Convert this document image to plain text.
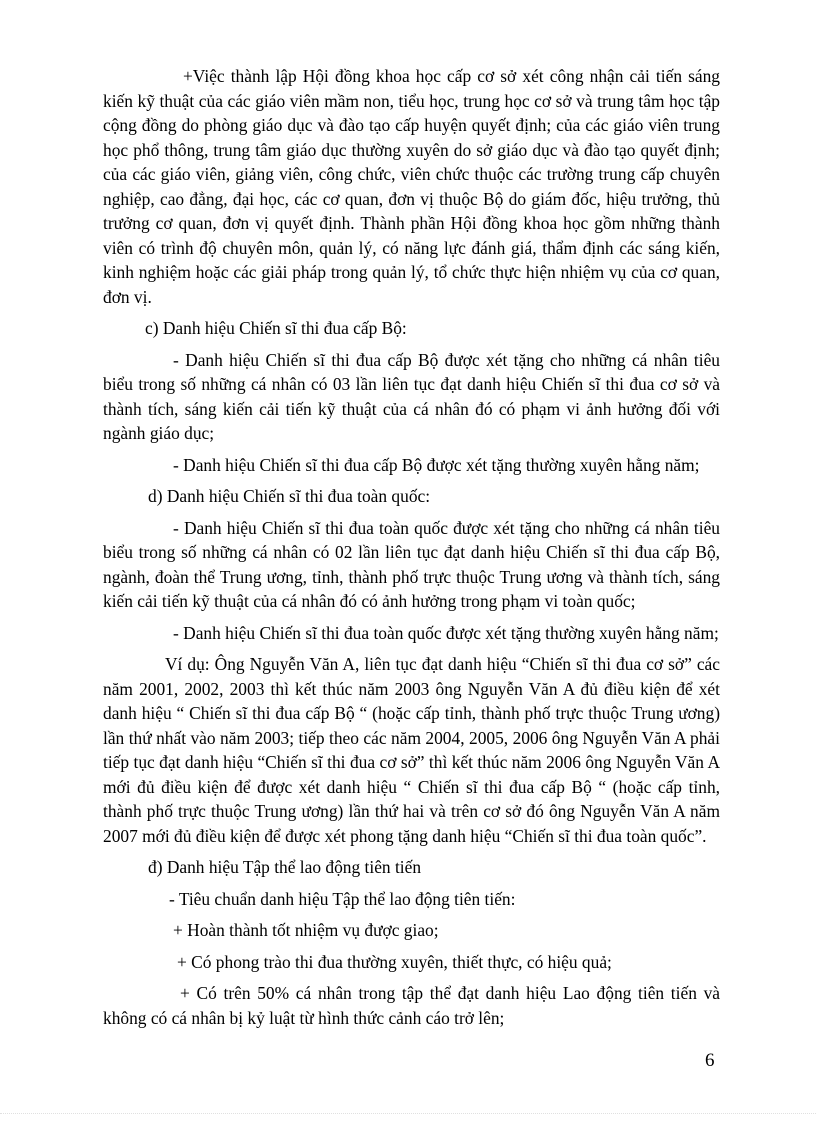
+Việc thành lập Hội đồng khoa học cấp cơ sở xét công nhận cải tiến sáng kiến kỹ thuật của các giáo viên mầm non, tiểu học, trung học cơ sở và trung tâm học tập cộng đồng do phòng giáo dục và đào tạo cấp huyện quyết định; của các giáo viên trung học phổ thông, trung tâm giáo dục thường xuyên do sở giáo dục và đào tạo quyết định; của các giáo viên, giảng viên, công chức, viên chức thuộc các trường trung cấp chuyên nghiệp, cao đẳng, đại học, các cơ quan, đơn vị thuộc Bộ do giám đốc, hiệu trưởng, thủ trưởng cơ quan, đơn vị quyết định. Thành phần Hội đồng khoa học gồm những thành viên có trình độ chuyên môn, quản lý, có năng lực đánh giá, thẩm định các sáng kiến, kinh nghiệm hoặc các giải pháp trong quản lý, tổ chức thực hiện nhiệm vụ của cơ quan, đơn vị.

c) Danh hiệu Chiến sĩ thi đua cấp Bộ:

- Danh hiệu Chiến sĩ thi đua cấp Bộ được xét tặng cho những cá nhân tiêu biểu trong số những cá nhân có 03 lần liên tục đạt danh hiệu Chiến sĩ thi đua cơ sở và thành tích, sáng kiến cải tiến kỹ thuật của cá nhân đó có phạm vi ảnh hưởng đối với ngành giáo dục;

- Danh hiệu Chiến sĩ thi đua cấp Bộ được xét tặng thường xuyên hằng năm;

d) Danh hiệu Chiến sĩ thi đua toàn quốc:

- Danh hiệu Chiến sĩ thi đua toàn quốc được xét tặng cho những cá nhân tiêu biểu trong số những cá nhân có 02 lần liên tục đạt danh hiệu Chiến sĩ thi đua cấp Bộ, ngành, đoàn thể Trung ương, tỉnh, thành phố trực thuộc Trung ương và thành tích, sáng kiến cải tiến kỹ thuật của cá nhân đó có ảnh hưởng trong phạm vi toàn quốc;

- Danh hiệu Chiến sĩ thi đua toàn quốc được xét tặng thường xuyên hằng năm;

Ví dụ: Ông Nguyễn Văn A, liên tục đạt danh hiệu “Chiến sĩ thi đua cơ sở” các năm 2001, 2002, 2003 thì kết thúc năm 2003 ông Nguyễn Văn A đủ điều kiện để xét danh hiệu “ Chiến sĩ thi đua cấp Bộ “ (hoặc cấp tỉnh, thành phố trực thuộc Trung ương) lần thứ nhất vào năm 2003; tiếp theo các năm 2004, 2005, 2006 ông Nguyễn Văn A phải tiếp tục đạt danh hiệu “Chiến sĩ thi đua cơ sở” thì kết thúc năm 2006 ông Nguyễn Văn A mới đủ điều kiện để được xét danh hiệu “ Chiến sĩ thi đua cấp Bộ “ (hoặc cấp tỉnh, thành phố trực thuộc Trung ương) lần thứ hai và trên cơ sở đó ông Nguyễn Văn A năm 2007 mới đủ điều kiện để được xét phong tặng danh hiệu “Chiến sĩ thi đua toàn quốc”.

đ) Danh hiệu Tập thể lao động tiên tiến

- Tiêu chuẩn danh hiệu Tập thể lao động tiên tiến:

+ Hoàn thành tốt nhiệm vụ được giao;

+ Có phong trào thi đua thường xuyên, thiết thực, có hiệu quả;

+ Có trên 50% cá nhân trong tập thể đạt danh hiệu Lao động tiên tiến và không có cá nhân bị kỷ luật từ hình thức cảnh cáo trở lên;

6
